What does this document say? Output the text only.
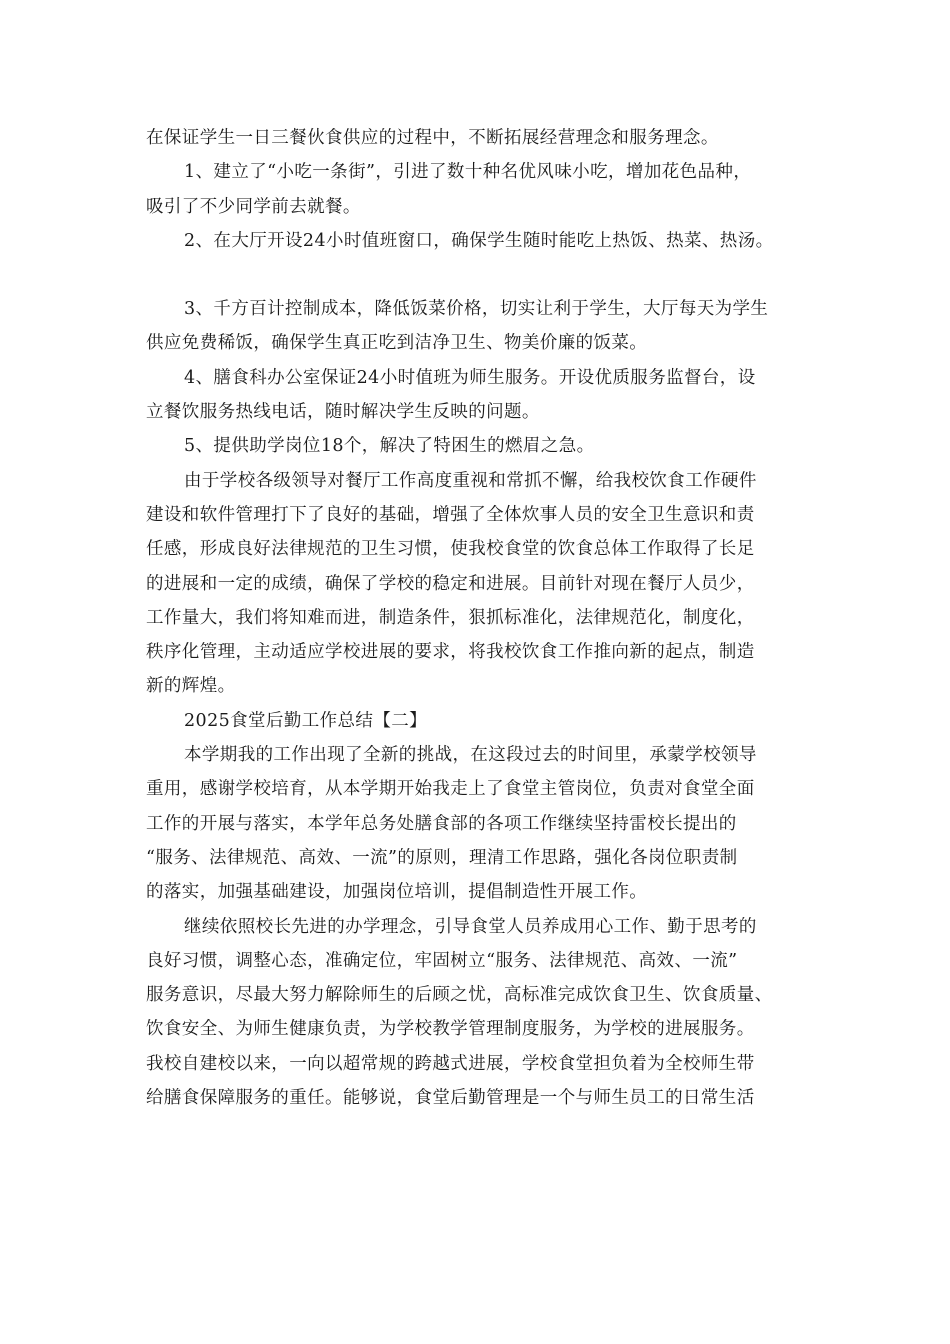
在保证学生一日三餐伙食供应的过程中，不断拓展经营理念和服务理念。
1、建立了“小吃一条街”，引进了数十种名优风味小吃，增加花色品种，
吸引了不少同学前去就餐。
2、在大厅开设24小时值班窗口，确保学生随时能吃上热饭、热菜、热汤。
3、千方百计控制成本，降低饭菜价格，切实让利于学生，大厅每天为学生
供应免费稀饭，确保学生真正吃到洁净卫生、物美价廉的饭菜。
4、膳食科办公室保证24小时值班为师生服务。开设优质服务监督台，设
立餐饮服务热线电话，随时解决学生反映的问题。
5、提供助学岗位18个，解决了特困生的燃眉之急。
由于学校各级领导对餐厅工作高度重视和常抓不懈，给我校饮食工作硬件
建设和软件管理打下了良好的基础，增强了全体炊事人员的安全卫生意识和责
任感，形成良好法律规范的卫生习惯，使我校食堂的饮食总体工作取得了长足
的进展和一定的成绩，确保了学校的稳定和进展。目前针对现在餐厅人员少，
工作量大，我们将知难而进，制造条件，狠抓标准化，法律规范化，制度化，
秩序化管理，主动适应学校进展的要求，将我校饮食工作推向新的起点，制造
新的辉煌。
2025食堂后勤工作总结【二】
本学期我的工作出现了全新的挑战，在这段过去的时间里，承蒙学校领导
重用，感谢学校培育，从本学期开始我走上了食堂主管岗位，负责对食堂全面
工作的开展与落实，本学年总务处膳食部的各项工作继续坚持雷校长提出的
“服务、法律规范、高效、一流”的原则，理清工作思路，强化各岗位职责制
的落实，加强基础建设，加强岗位培训，提倡制造性开展工作。
继续依照校长先进的办学理念，引导食堂人员养成用心工作、勤于思考的
良好习惯，调整心态，准确定位，牢固树立“服务、法律规范、高效、一流”
服务意识，尽最大努力解除师生的后顾之忧，高标准完成饮食卫生、饮食质量、
饮食安全、为师生健康负责，为学校教学管理制度服务，为学校的进展服务。
我校自建校以来，一向以超常规的跨越式进展，学校食堂担负着为全校师生带
给膳食保障服务的重任。能够说，食堂后勤管理是一个与师生员工的日常生活
